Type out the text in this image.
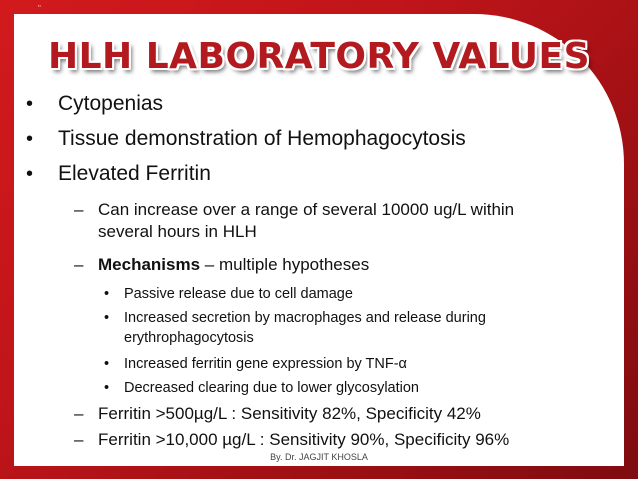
"
HLH LABORATORY VALUES
• Cytopenias
• Tissue demonstration of Hemophagocytosis
• Elevated Ferritin
– Can increase over a range of several 10000 ug/L within several hours in HLH
– Mechanisms – multiple hypotheses
• Passive release due to cell damage
• Increased secretion by macrophages and release during erythrophagocytosis
• Increased ferritin gene expression by TNF-α
• Decreased clearing due to lower glycosylation
– Ferritin >500µg/L : Sensitivity 82%, Specificity 42%
– Ferritin >10,000 µg/L : Sensitivity 90%, Specificity 96%
By. Dr. JAGJIT KHOSLA
